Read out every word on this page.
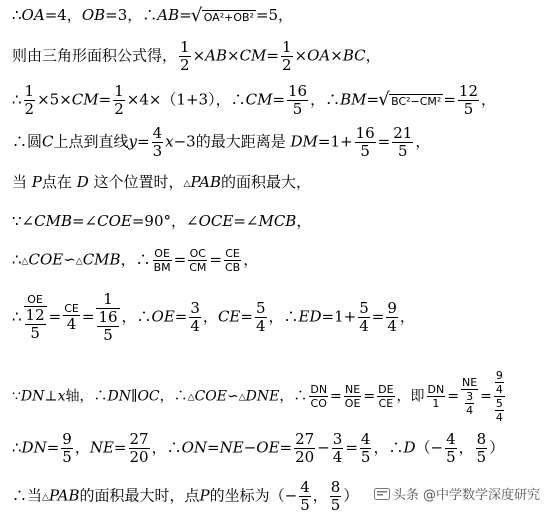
∴OA=4，OB=3，∴AB= √ OA²+OB² =5，
则由三角形面积公式得， $\frac{1}{2} \times AB\times CM= \frac{1}{2} \times OA\times BC$，
∴ $\frac{1}{2} \times 5\times CM= \frac{1}{2} \times 4\times(1+3)$，∴CM= $\frac{16}{5}$ ，∴BM= √ $BC^2-CM^2 = \frac{12}{5}$ ，
∴圆C上点到直线$y= \frac{4}{3} x-3$的最大距离是 $DM=1+ \frac{16}{5} = \frac{21}{5}$ ，
当 P点在 D 这个位置时，△PAB的面积最大，
∵∠CMB=∠COE=90°，∠OCE=∠MCB，
∴△COE∽△CMB，∴ $\frac{OE}{BM} = \frac{OC}{CM} = \frac{CE}{CB}$ ，
∴ $\frac{OE}{\frac{12}{5}} = \frac{CE}{4} = \frac{1}{\frac{16}{5}}$ ，∴OE= $\frac{3}{4}$ ，$CE= \frac{5}{4}$ ，∴ED=1+ $\frac{5}{4} = \frac{9}{4}$ ，
∵DN⊥x轴，∴DN∥OC，∴△COE∽△DNE，∴ $\frac{DN}{CO} = \frac{NE}{OE} = \frac{DE}{CE}$ ，即 $\frac{DN}{1} = \frac{NE}{\frac{3}{4}} = \frac{\frac{9}{4}}{\frac{5}{4}}$
∴DN= $\frac{9}{5}$ ，$NE= \frac{27}{20}$ ，∴ON=NE−OE= $\frac{27}{20} - \frac{3}{4} = \frac{4}{5}$ ，∴D（− $\frac{4}{5}$ ， $\frac{8}{5}$ ）
∴当△PAB的面积最大时，点P的坐标为（− $\frac{4}{5}$ ， $\frac{8}{5}$ ）	头条 @中学数学深度研究
